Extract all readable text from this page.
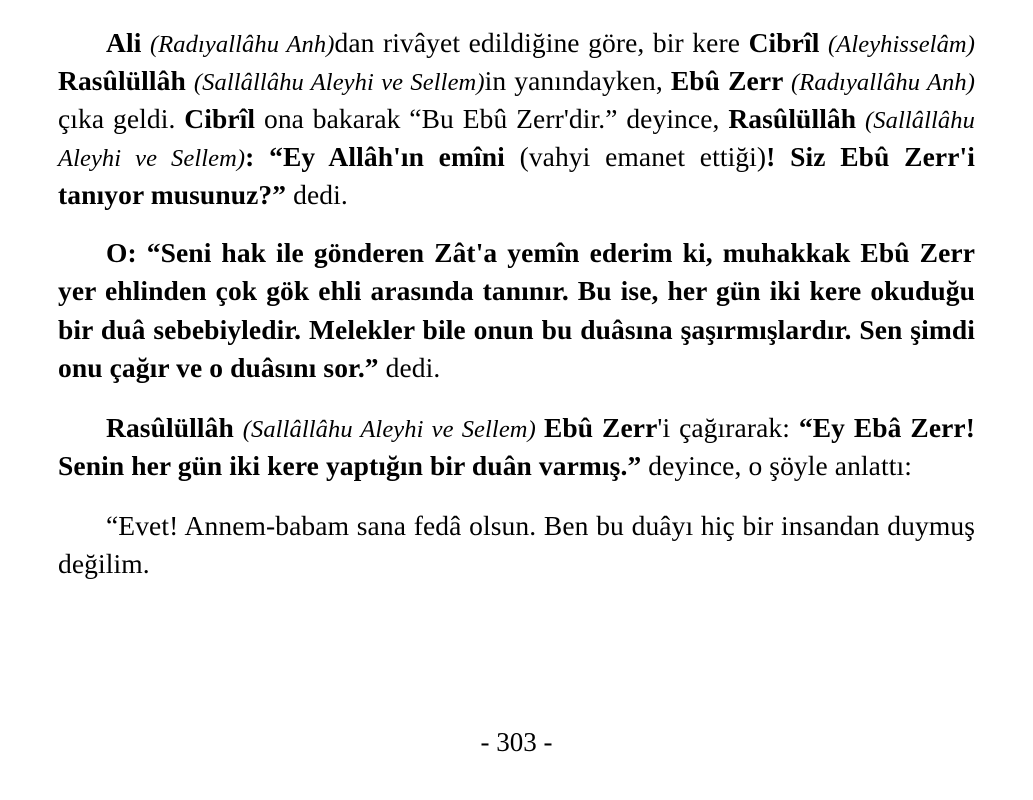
Ali (Radıyallâhu Anh)dan rivâyet edildiğine göre, bir kere Cibrîl (Aleyhisselâm) Rasûlüllâh (Sallâllâhu Aleyhi ve Sellem)in yanındayken, Ebû Zerr (Radıyallâhu Anh) çıka geldi. Cibrîl ona bakarak “Bu Ebû Zerr'dir.” deyince, Rasûlüllâh (Sallâllâhu Aleyhi ve Sellem): “Ey Allâh'ın emîni (vahyi emanet ettiği)! Siz Ebû Zerr'i tanıyor musunuz?” dedi.

O: “Seni hak ile gönderen Zât'a yemîn ederim ki, muhakkak Ebû Zerr yer ehlinden çok gök ehli arasında tanınır. Bu ise, her gün iki kere okuduğu bir duâ sebebiyledir. Melekler bile onun bu duâsına şaşırmışlardır. Sen şimdi onu çağır ve o duâsını sor.” dedi.

Rasûlüllâh (Sallâllâhu Aleyhi ve Sellem) Ebû Zerr'i çağırarak: “Ey Ebâ Zerr! Senin her gün iki kere yaptığın bir duân varmış.” deyince, o şöyle anlattı:

“Evet! Annem-babam sana fedâ olsun. Ben bu duâyı hiç bir insandan duymuş değilim.

- 303 -
